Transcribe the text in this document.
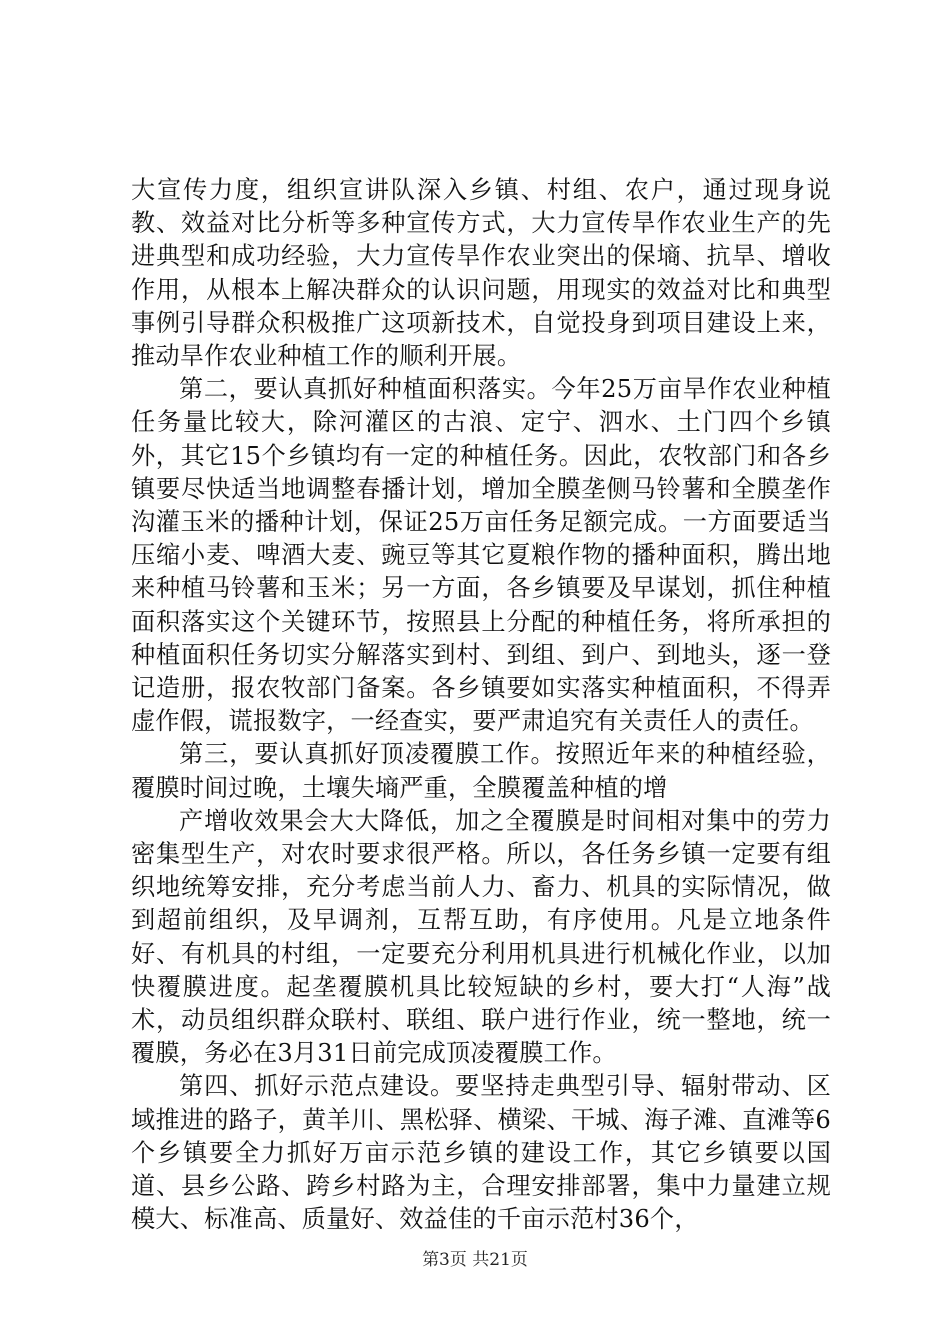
大宣传力度，组织宣讲队深入乡镇、村组、农户，通过现身说教、效益对比分析等多种宣传方式，大力宣传旱作农业生产的先进典型和成功经验，大力宣传旱作农业突出的保墒、抗旱、增收作用，从根本上解决群众的认识问题，用现实的效益对比和典型事例引导群众积极推广这项新技术，自觉投身到项目建设上来，推动旱作农业种植工作的顺利开展。

第二，要认真抓好种植面积落实。今年25万亩旱作农业种植任务量比较大，除河灌区的古浪、定宁、泗水、土门四个乡镇外，其它15个乡镇均有一定的种植任务。因此，农牧部门和各乡镇要尽快适当地调整春播计划，增加全膜垄侧马铃薯和全膜垄作沟灌玉米的播种计划，保证25万亩任务足额完成。一方面要适当压缩小麦、啤酒大麦、豌豆等其它夏粮作物的播种面积，腾出地来种植马铃薯和玉米；另一方面，各乡镇要及早谋划，抓住种植面积落实这个关键环节，按照县上分配的种植任务，将所承担的种植面积任务切实分解落实到村、到组、到户、到地头，逐一登记造册，报农牧部门备案。各乡镇要如实落实种植面积，不得弄虚作假，谎报数字，一经查实，要严肃追究有关责任人的责任。

第三，要认真抓好顶凌覆膜工作。按照近年来的种植经验，覆膜时间过晚，土壤失墒严重，全膜覆盖种植的增

产增收效果会大大降低，加之全覆膜是时间相对集中的劳力密集型生产，对农时要求很严格。所以，各任务乡镇一定要有组织地统筹安排，充分考虑当前人力、畜力、机具的实际情况，做到超前组织，及早调剂，互帮互助，有序使用。凡是立地条件好、有机具的村组，一定要充分利用机具进行机械化作业，以加快覆膜进度。起垄覆膜机具比较短缺的乡村，要大打“人海”战术，动员组织群众联村、联组、联户进行作业，统一整地，统一覆膜，务必在3月31日前完成顶凌覆膜工作。

第四、抓好示范点建设。要坚持走典型引导、辐射带动、区域推进的路子，黄羊川、黑松驿、横梁、干城、海子滩、直滩等6个乡镇要全力抓好万亩示范乡镇的建设工作，其它乡镇要以国道、县乡公路、跨乡村路为主，合理安排部署，集中力量建立规模大、标准高、质量好、效益佳的千亩示范村36个，

第3页 共21页
